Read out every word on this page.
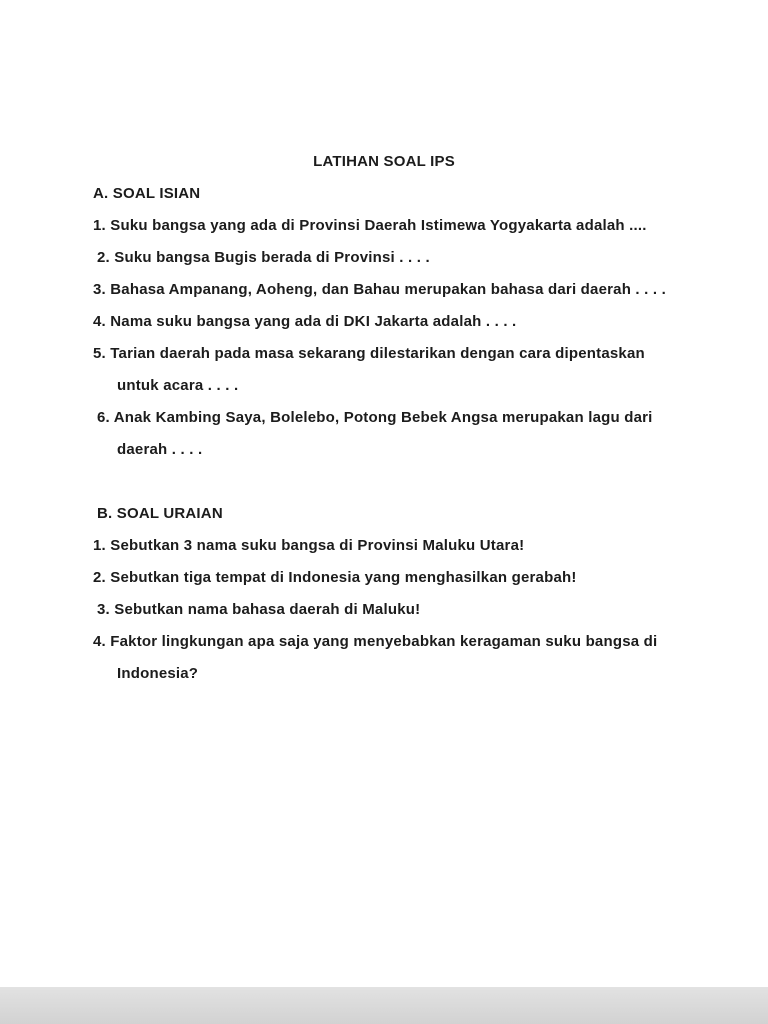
LATIHAN SOAL IPS
A. SOAL ISIAN
1. Suku bangsa yang ada di Provinsi Daerah Istimewa Yogyakarta adalah ....
2. Suku bangsa Bugis berada di Provinsi . . . .
3. Bahasa Ampanang, Aoheng, dan Bahau merupakan bahasa dari daerah . . . .
4. Nama suku bangsa yang ada di DKI Jakarta adalah . . . .
5. Tarian daerah pada masa sekarang dilestarikan dengan cara dipentaskan
untuk acara . . . .
6. Anak Kambing Saya, Bolelebo, Potong Bebek Angsa merupakan lagu dari
daerah . . . .
B. SOAL URAIAN
1. Sebutkan 3 nama suku bangsa di Provinsi Maluku Utara!
2. Sebutkan tiga tempat di Indonesia yang menghasilkan gerabah!
3. Sebutkan nama bahasa daerah di Maluku!
4. Faktor lingkungan apa saja yang menyebabkan keragaman suku bangsa di
Indonesia?
